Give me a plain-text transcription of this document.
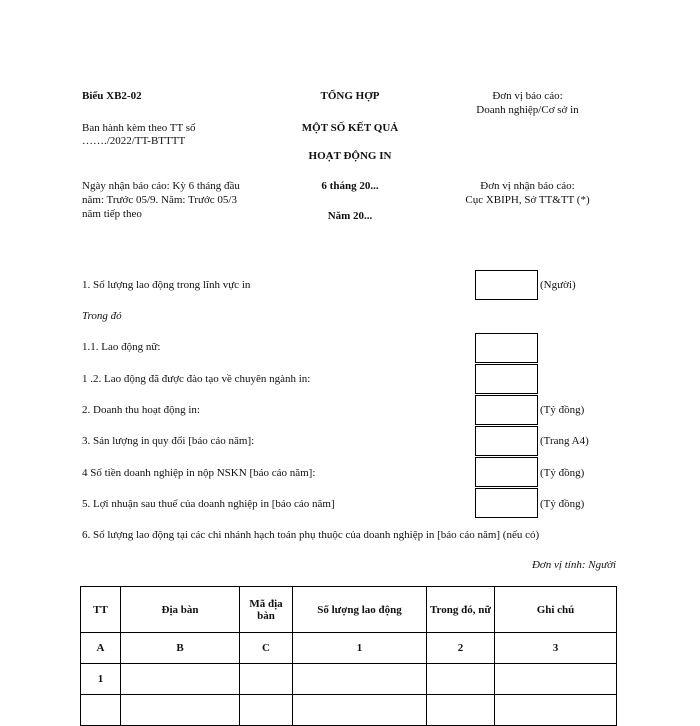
Biểu XB2-02
Ban hành kèm theo TT số
……./2022/TT-BTTTT
Ngày nhận báo cáo: Kỳ 6 tháng đầu
năm: Trước 05/9. Năm: Trước 05/3
năm tiếp theo
TỔNG HỢP
MỘT SỐ KẾT QUẢ
HOẠT ĐỘNG IN
6 tháng 20...
Năm 20...
Đơn vị báo cáo:
Doanh nghiệp/Cơ sở in
Đơn vị nhận báo cáo:
Cục XBIPH, Sở TT&TT (*)
1. Số lượng lao động trong lĩnh vực in	(Người)
Trong đó
1.1. Lao động nữ:
1 .2. Lao động đã được đào tạo về chuyên ngành in:
2. Doanh thu hoạt động in:	(Tỷ đồng)
3. Sản lượng in quy đổi [báo cáo năm]:	(Trang A4)
4 Số tiền doanh nghiệp in nộp NSKN [báo cáo năm]:	(Tỷ đồng)
5. Lợi nhuận sau thuế của doanh nghiệp in [báo cáo năm]	(Tỷ đồng)
6. Số lượng lao động tại các chi nhánh hạch toán phụ thuộc của doanh nghiệp in [báo cáo năm] (nếu có)
Đơn vị tính: Người
TT	Địa bàn	Mã địa bàn	Số lượng lao động	Trong đó, nữ	Ghi chú
A	B	C	1	2	3
1					
